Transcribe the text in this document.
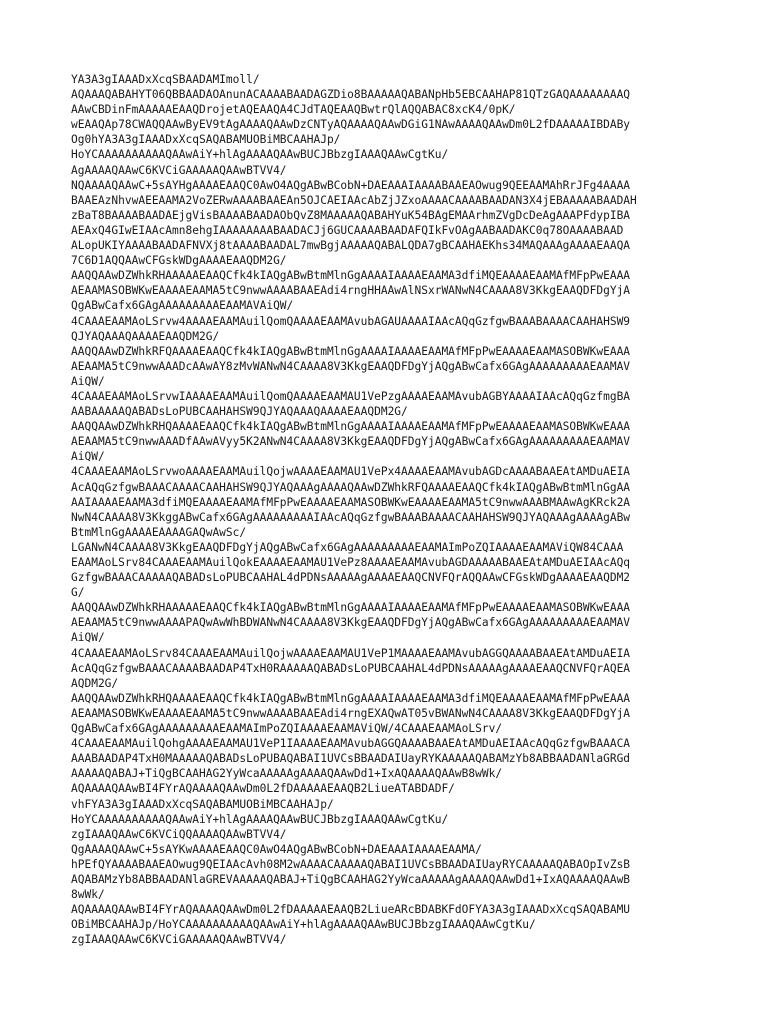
YA3A3gIAAADxXcqSBAADAMImoll/
AQAAAQABAHYT06QBBAADAOAnunACAAAABAADAGZDio8BAAAAAQABANpHb5EBCAAHAP81QTzGAQAAAAAAAAQ
AAwCBDinFmAAAAAEAAQDrojetAQEAAQA4CJdTAQEAAQBwtrQlAQQABAC8xcK4/0pK/
wEAAQAp78CWAQQAAwByEV9tAgAAAAQAAwDzCNTyAQAAAAQAAwDGiG1NAwAAAAQAAwDm0L2fDAAAAAIBDABy
Og0hYA3A3gIAAADxXcqSAQABAMUOBiMBCAAHAJp/
HoYCAAAAAAAAAAQAAwAiY+hlAgAAAAQAAwBUCJBbzgIAAAQAAwCgtKu/
AgAAAAQAAwC6KVCiGAAAAAQAAwBTVV4/
NQAAAAQAAwC+5sAYHgAAAAEAAQC0AwO4AQgABwBCobN+DAEAAAIAAAABAAEAOwug9QEEAAMAhRrJFg4AAAA
BAAEAzNhvwAEEAAMA2VoZERwAAAABAAEAn5OJCAEIAAcAbZjJZxoAAAACAAAABAADAN3X4jEBAAAAABAADAH
zBaT8BAAAABAADAEjgVisBAAAABAADAObQvZ8MAAAAAQABAHYuK54BAgEMAArhmZVgDcDeAgAAAPFdypIBA
AEAxQ4GIwEIAAcAmn8ehgIAAAAAAAABAADACJj6GUCAAAABAADAFQIkFvOAgAABAADAKC0q78OAAAABAAD
ALopUKIYAAAABAADAFNVXj8tAAAABAADAL7mwBgjAAAAAQABALQDA7gBCAAHAEKhs34MAQAAAgAAAAEAAQA
7C6D1AQQAAwCFGskWDgAAAAEAAQDM2G/
AAQQAAwDZWhkRHAAAAAEAAQCfk4kIAQgABwBtmMlnGgAAAAIAAAAEAAMA3dfiMQEAAAAEAAMAfMFpPwEAAA
AEAAMASOBWKwEAAAAEAAMA5tC9nwwAAAABAAEAdi4rngHHAAwAlNSxrWANwN4CAAAA8V3KkgEAAQDFDgYjA
QgABwCafx6GAgAAAAAAAAAEAAMAVAiQW/
4CAAAEAAMAoLSrvw4AAAAEAAMAuilQomQAAAAEAAMAvubAGAUAAAAIAAcAQqGzfgwBAAABAAAACAAHAHSW9
QJYAQAAAQAAAAEAAQDM2G/
AAQQAAwDZWhkRFQAAAAEAAQCfk4kIAQgABwBtmMlnGgAAAAIAAAAEAAMAfMFpPwEAAAAEAAMASOBWKwEAAA
AEAAMA5tC9nwwAAADcAAwAY8zMvWANwN4CAAAA8V3KkgEAAQDFDgYjAQgABwCafx6GAgAAAAAAAAAEAAMAV
AiQW/
4CAAAEAAMAoLSrvwIAAAAEAAMAuilQomQAAAAEAAMAU1VePzgAAAAEAAMAvubAGBYAAAAIAAcAQqGzfmgBA
AABAAAAAQABADsLoPUBCAAHAHSW9QJYAQAAAQAAAAEAAQDM2G/
AAQQAAwDZWhkRHQAAAAEAAQCfk4kIAQgABwBtmMlnGgAAAAIAAAAEAAMAfMFpPwEAAAAEAAMASOBWKwEAAA
AEAAMA5tC9nwwAAADfAAwAVyy5K2ANwN4CAAAA8V3KkgEAAQDFDgYjAQgABwCafx6GAgAAAAAAAAAEAAMAV
AiQW/
4CAAAEAAMAoLSrvwoAAAAEAAMAuilQojwAAAAEAAMAU1VePx4AAAAEAAMAvubAGDcAAAABAAEAtAMDuAEIA
AcAQqGzfgwBAAACAAAACAAHAHSW9QJYAQAAAgAAAAQAAwDZWhkRFQAAAAEAAQCfk4kIAQgABwBtmMlnGgAA
AAIAAAAEAAMA3dfiMQEAAAAEAAMAfMFpPwEAAAAEAAMASOBWKwEAAAAEAAMA5tC9nwwAAABMAAwAgKRck2A
NwN4CAAAA8V3KkggABwCafx6GAgAAAAAAAAAIAAcAQqGzfgwBAAABAAAACAAHAHSW9QJYAQAAAgAAAAgABw
BtmMlnGgAAAAEAAAAGAQwAwSc/
LGANwN4CAAAA8V3KkgEAAQDFDgYjAQgABwCafx6GAgAAAAAAAAAEAAMAImPoZQIAAAAEAAMAViQW84CAAA
EAAMAoLSrv84CAAAEAAMAuilQokEAAAAEAAMAU1VePz8AAAAEAAMAvubAGDAAAAABAAEAtAMDuAEIAAcAQq
GzfgwBAAACAAAAAQABADsLoPUBCAAHAL4dPDNsAAAAAgAAAAEAAQCNVFQrAQQAAwCFGskWDgAAAAEAAQDM2
G/
AAQQAAwDZWhkRHAAAAAEAAQCfk4kIAQgABwBtmMlnGgAAAAIAAAAEAAMAfMFpPwEAAAAEAAMASOBWKwEAAA
AEAAMA5tC9nwwAAAAPAQwAwWhBDWANwN4CAAAA8V3KkgEAAQDFDgYjAQgABwCafx6GAgAAAAAAAAAEAAMAV
AiQW/
4CAAAEAAMAoLSrv84CAAAEAAMAuilQojwAAAAEAAMAU1VeP1MAAAAEAAMAvubAGGQAAAABAAEAtAMDuAEIA
AcAQqGzfgwBAAACAAAABAADAP4TxH0RAAAAAQABADsLoPUBCAAHAL4dPDNsAAAAAgAAAAEAAQCNVFQrAQEA
AQDM2G/
AAQQAAwDZWhkRHQAAAAEAAQCfk4kIAQgABwBtmMlnGgAAAAIAAAAEAAMA3dfiMQEAAAAEAAMAfMFpPwEAAA
AEAAMASOBWKwEAAAAEAAMA5tC9nwwAAAABAAEAdi4rngEXAQwAT05vBWANwN4CAAAA8V3KkgEAAQDFDgYjA
QgABwCafx6GAgAAAAAAAAAEAAMAImPoZQIAAAAEAAMAViQW/4CAAAEAAMAoLSrv/
4CAAAEAAMAuilQohgAAAAEAAMAU1VeP1IAAAAEAAMAvubAGGQAAAABAAEAtAMDuAEIAAcAQqGzfgwBAAACA
AAABAADAP4TxH0MAAAAAQABADsLoPUBAQABAI1UVCsBBAADAIUayRYKAAAAAQABAMzYb8ABBAADANlaGRGd
AAAAAQABAJ+TiQgBCAAHAG2YyWcaAAAAAgAAAAQAAwDd1+IxAQAAAAQAAwB8wWk/
AQAAAAQAAwBI4FYrAQAAAAQAAwDm0L2fDAAAAAEAAQB2LiueATABDADF/
vhFYA3A3gIAAADxXcqSAQABAMUOBiMBCAAHAJp/
HoYCAAAAAAAAAAQAAwAiY+hlAgAAAAQAAwBUCJBbzgIAAAQAAwCgtKu/
zgIAAAQAAwC6KVCiQQAAAAQAAwBTVV4/
QgAAAAQAAwC+5sAYKwAAAAEAAQC0AwO4AQgABwBCobN+DAEAAAIAAAAEAAMA/
hPEfQYAAAABAAEAOwug9QEIAAcAvh08M2wAAAACAAAAAQABAI1UVCsBBAADAIUayRYCAAAAAQABAOpIvZsB
AQABAMzYb8ABBAADANlaGREVAAAAAQABAJ+TiQgBCAAHAG2YyWcaAAAAAgAAAAQAAwDd1+IxAQAAAAQAAwB
8wWk/
AQAAAAQAAwBI4FYrAQAAAAQAAwDm0L2fDAAAAAEAAQB2LiueARcBDABKFdOFYA3A3gIAAADxXcqSAQABAMU
OBiMBCAAHAJp/HoYCAAAAAAAAAAQAAwAiY+hlAgAAAAQAAwBUCJBbzgIAAAQAAwCgtKu/
zgIAAAQAAwC6KVCiGAAAAAQAAwBTVV4/
